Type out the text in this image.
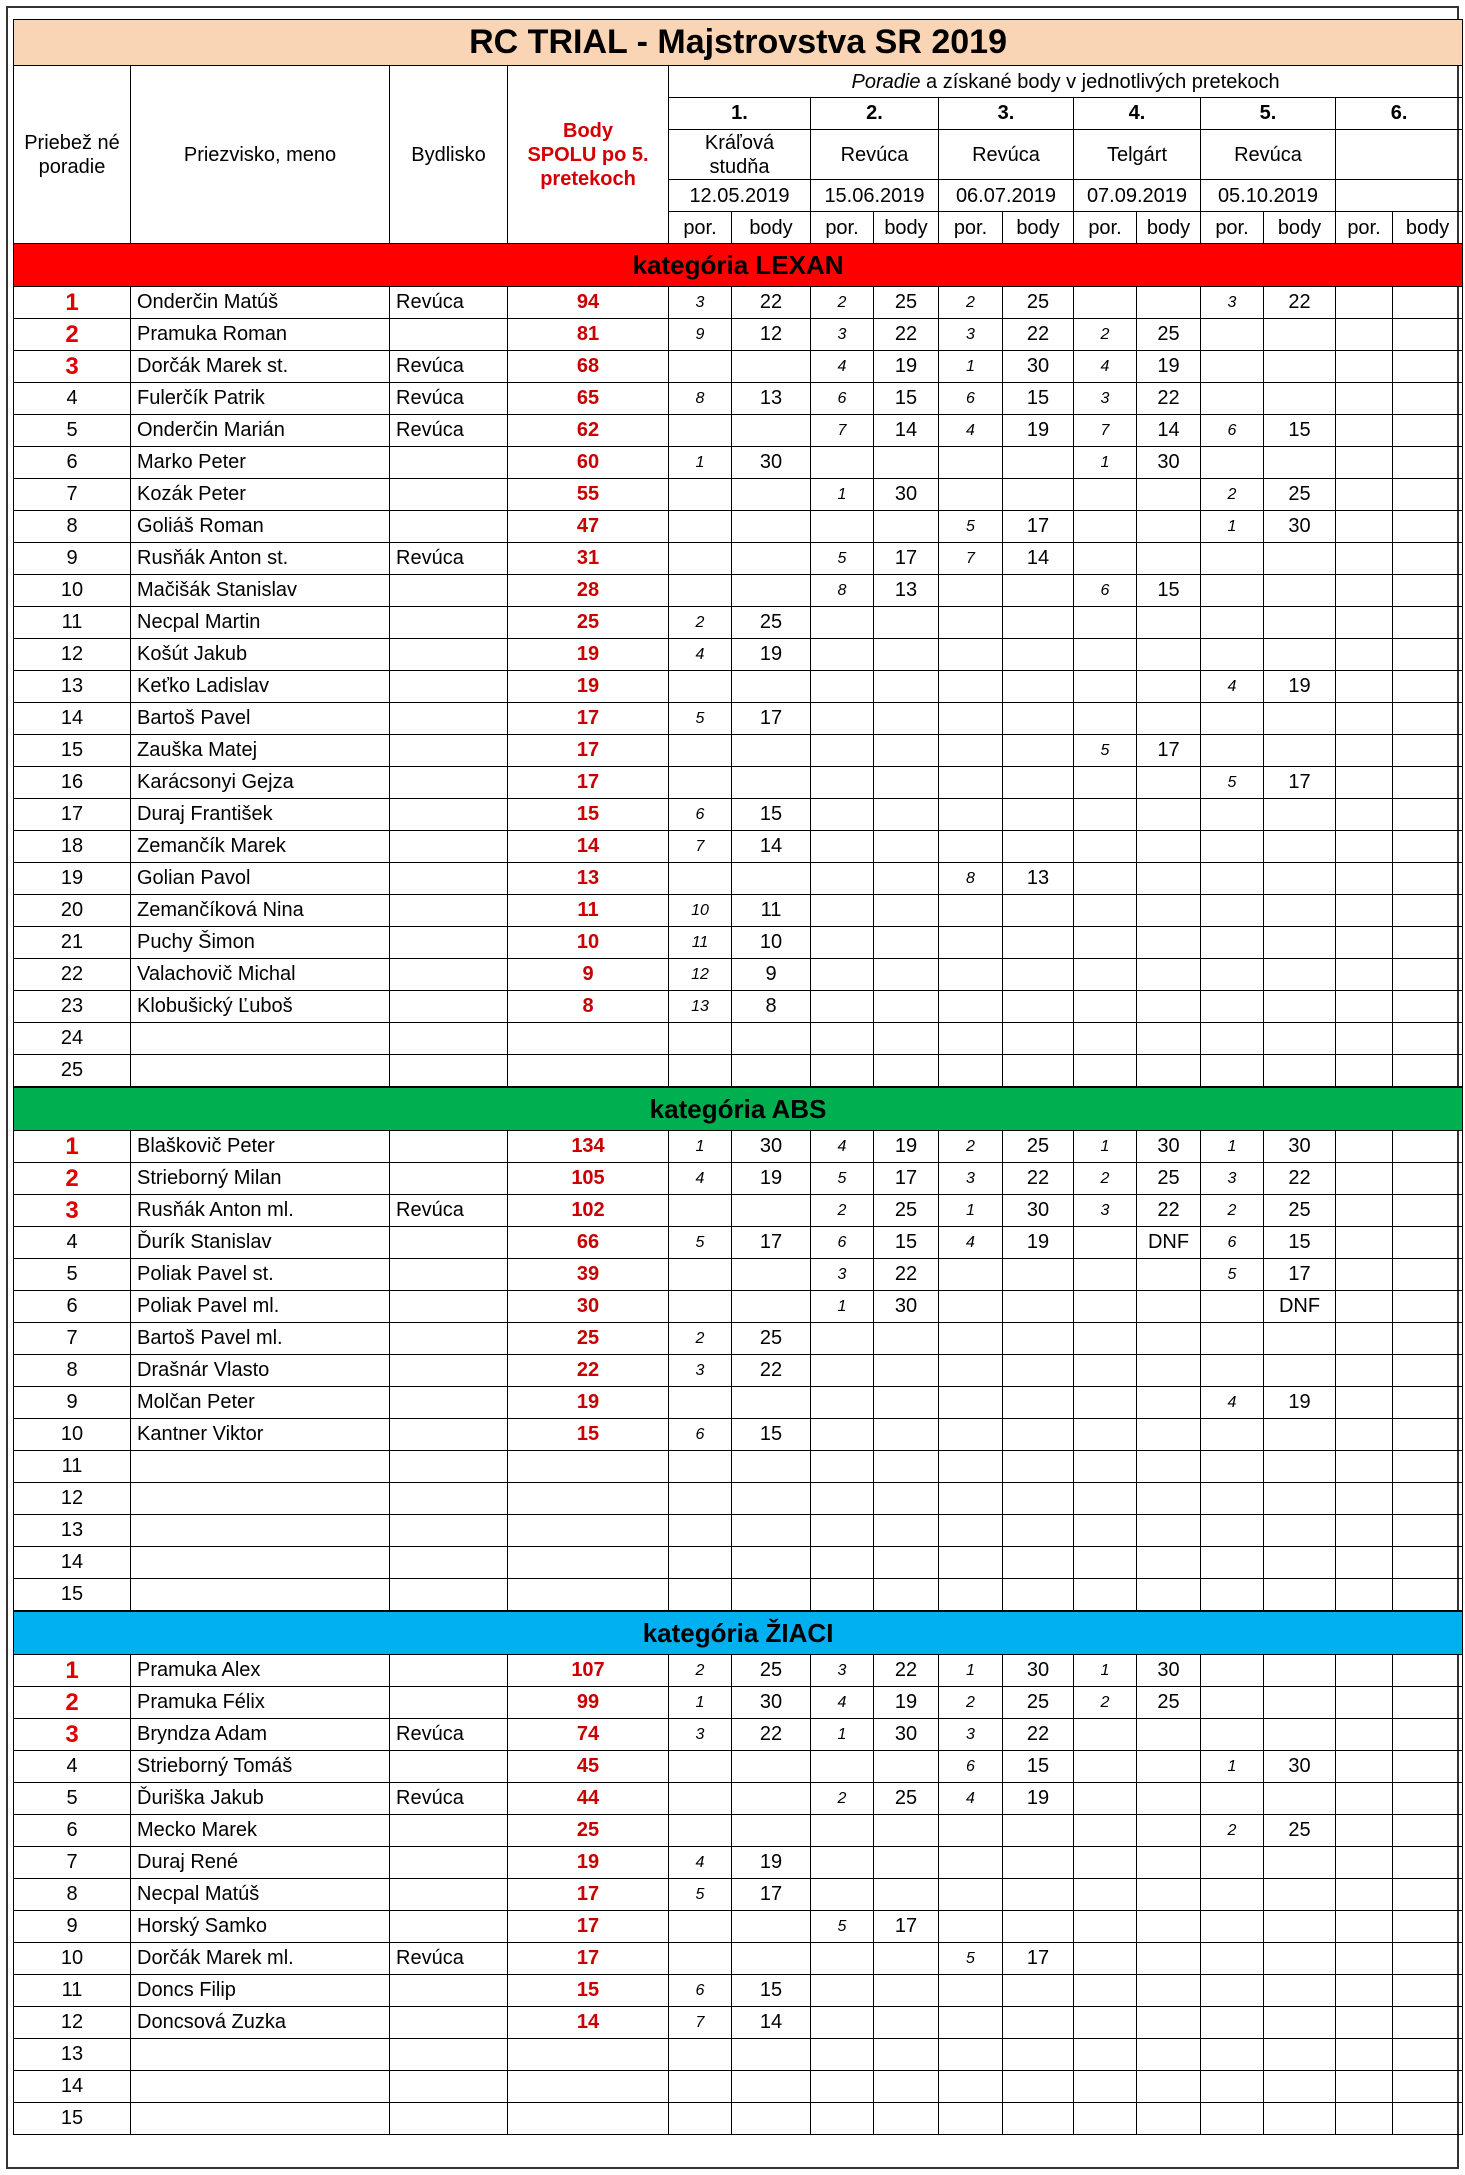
RC TRIAL - Majstrovstva SR 2019															
Priebež né poradie	Priezvisko, meno	Bydlisko	Body SPOLU po 5. pretekoch	Poradie a získané body v jednotlivých pretekoch											
				1.		2.		3.		4.		5.		6.	
				Kráľová studňa		Revúca		Revúca		Telgárt		Revúca			
				12.05.2019		15.06.2019		06.07.2019		07.09.2019		05.10.2019			
				por.	body	por.	body	por.	body	por.	body	por.	body	por.	body
kategória LEXAN															
1	Onderčin Matúš	Revúca	94	3	22	2	25	2	25			3	22		
2	Pramuka Roman		81	9	12	3	22	3	22	2	25				
3	Dorčák Marek st.	Revúca	68			4	19	1	30	4	19				
4	Fulerčík Patrik	Revúca	65	8	13	6	15	6	15	3	22				
5	Onderčin Marián	Revúca	62			7	14	4	19	7	14	6	15		
6	Marko Peter		60	1	30					1	30				
7	Kozák Peter		55			1	30					2	25		
8	Goliáš Roman		47					5	17			1	30		
9	Rusňák Anton st.	Revúca	31			5	17	7	14						
10	Mačišák Stanislav		28			8	13			6	15				
11	Necpal Martin		25	2	25										
12	Košút Jakub		19	4	19										
13	Keťko Ladislav		19									4	19		
14	Bartoš Pavel		17	5	17										
15	Zauška Matej		17							5	17				
16	Karácsonyi Gejza		17									5	17		
17	Duraj František		15	6	15										
18	Zemančík Marek		14	7	14										
19	Golian Pavol		13					8	13						
20	Zemančíková Nina		11	10	11										
21	Puchy Šimon		10	11	10										
22	Valachovič Michal		9	12	9										
23	Klobušický Ľuboš		8	13	8										
24															
25															
kategória ABS															
1	Blaškovič Peter		134	1	30	4	19	2	25	1	30	1	30		
2	Strieborný Milan		105	4	19	5	17	3	22	2	25	3	22		
3	Rusňák Anton ml.	Revúca	102			2	25	1	30	3	22	2	25		
4	Ďurík Stanislav		66	5	17	6	15	4	19		DNF	6	15		
5	Poliak Pavel st.		39			3	22					5	17		
6	Poliak Pavel ml.		30			1	30						DNF		
7	Bartoš Pavel ml.		25	2	25										
8	Drašnár Vlasto		22	3	22										
9	Molčan Peter		19									4	19		
10	Kantner Viktor		15	6	15										
11															
12															
13															
14															
15															
kategória ŽIACI															
1	Pramuka Alex		107	2	25	3	22	1	30	1	30				
2	Pramuka Félix		99	1	30	4	19	2	25	2	25				
3	Bryndza Adam	Revúca	74	3	22	1	30	3	22						
4	Strieborný Tomáš		45					6	15			1	30		
5	Ďuriška Jakub	Revúca	44			2	25	4	19						
6	Mecko Marek		25									2	25		
7	Duraj René		19	4	19										
8	Necpal Matúš		17	5	17										
9	Horský Samko		17			5	17								
10	Dorčák Marek ml.	Revúca	17					5	17						
11	Doncs Filip		15	6	15										
12	Doncsová Zuzka		14	7	14										
13															
14															
15															
